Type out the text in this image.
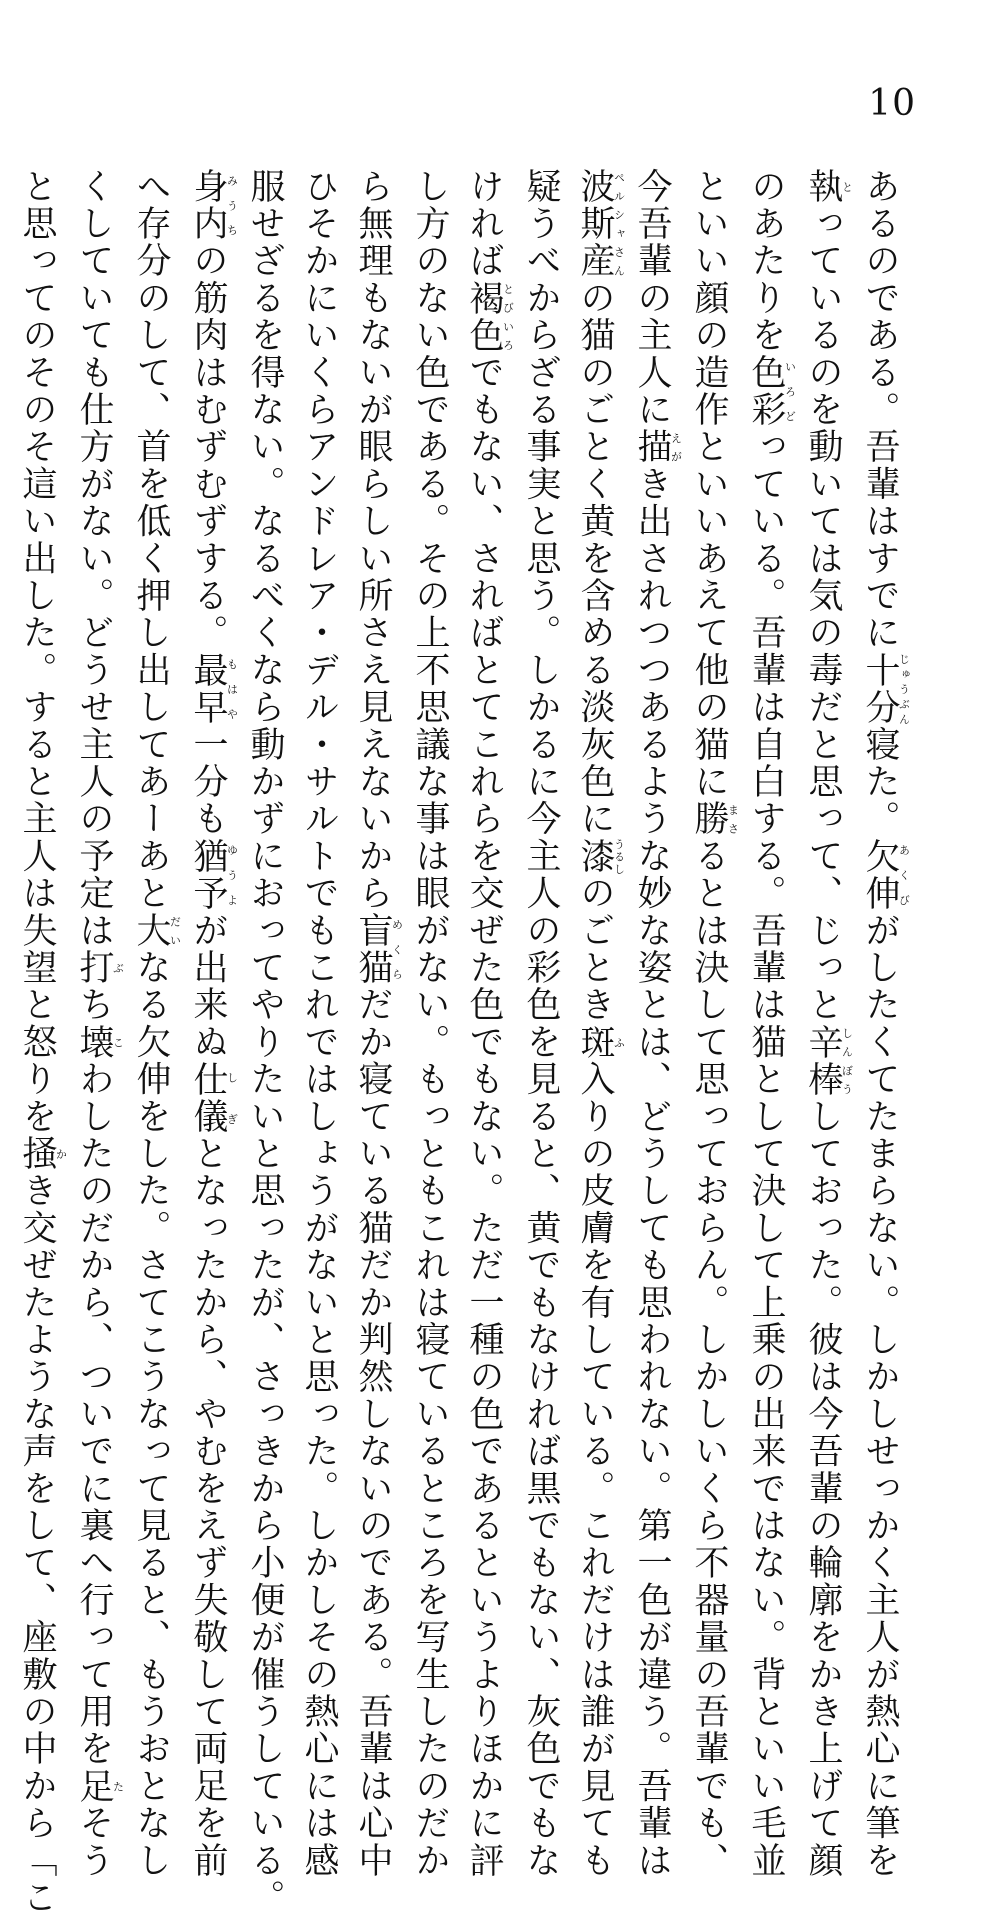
10
あるのである。吾輩はすでに十分じゅうぶん寝た。欠伸あくびがしたくてたまらない。しかしせっかく主人が熱心に筆を
執とっているのを動いては気の毒だと思って、じっと辛棒しんぼうしておった。彼は今吾輩の輪廓をかき上げて顔
のあたりを色彩いろどっている。吾輩は自白する。吾輩は猫として決して上乗の出来ではない。背といい毛並
といい顔の造作といいあえて他の猫に勝まさるとは決して思っておらん。しかしいくら不器量の吾輩でも、
今吾輩の主人に描えがき出されつつあるような妙な姿とは、どうしても思われない。第一色が違う。吾輩は
波斯産ペルシャさんの猫のごとく黄を含める淡灰色に漆うるしのごとき斑ふ入りの皮膚を有している。これだけは誰が見ても
疑うべからざる事実と思う。しかるに今主人の彩色を見ると、黄でもなければ黒でもない、灰色でもな
ければ褐色とびいろでもない、さればとてこれらを交ぜた色でもない。ただ一種の色であるというよりほかに評
し方のない色である。その上不思議な事は眼がない。もっともこれは寝ているところを写生したのだか
ら無理もないが眼らしい所さえ見えないから盲猫めくらだか寝ている猫だか判然しないのである。吾輩は心中
ひそかにいくらアンドレア・デル・サルトでもこれではしょうがないと思った。しかしその熱心には感
服せざるを得ない。なるべくなら動かずにおってやりたいと思ったが、さっきから小便が催うしている。
身内みうちの筋肉はむずむずする。最早もはや一分も猶予ゆうよが出来ぬ仕儀しぎとなったから、やむをえず失敬して両足を前
へ存分のして、首を低く押し出してあーあと大だいなる欠伸をした。さてこうなって見ると、もうおとなし
くしていても仕方がない。どうせ主人の予定は打ぶち壊こわしたのだから、ついでに裏へ行って用を足たそう
と思ってのそのそ這い出した。すると主人は失望と怒りを掻かき交ぜたような声をして、座敷の中から「こ
